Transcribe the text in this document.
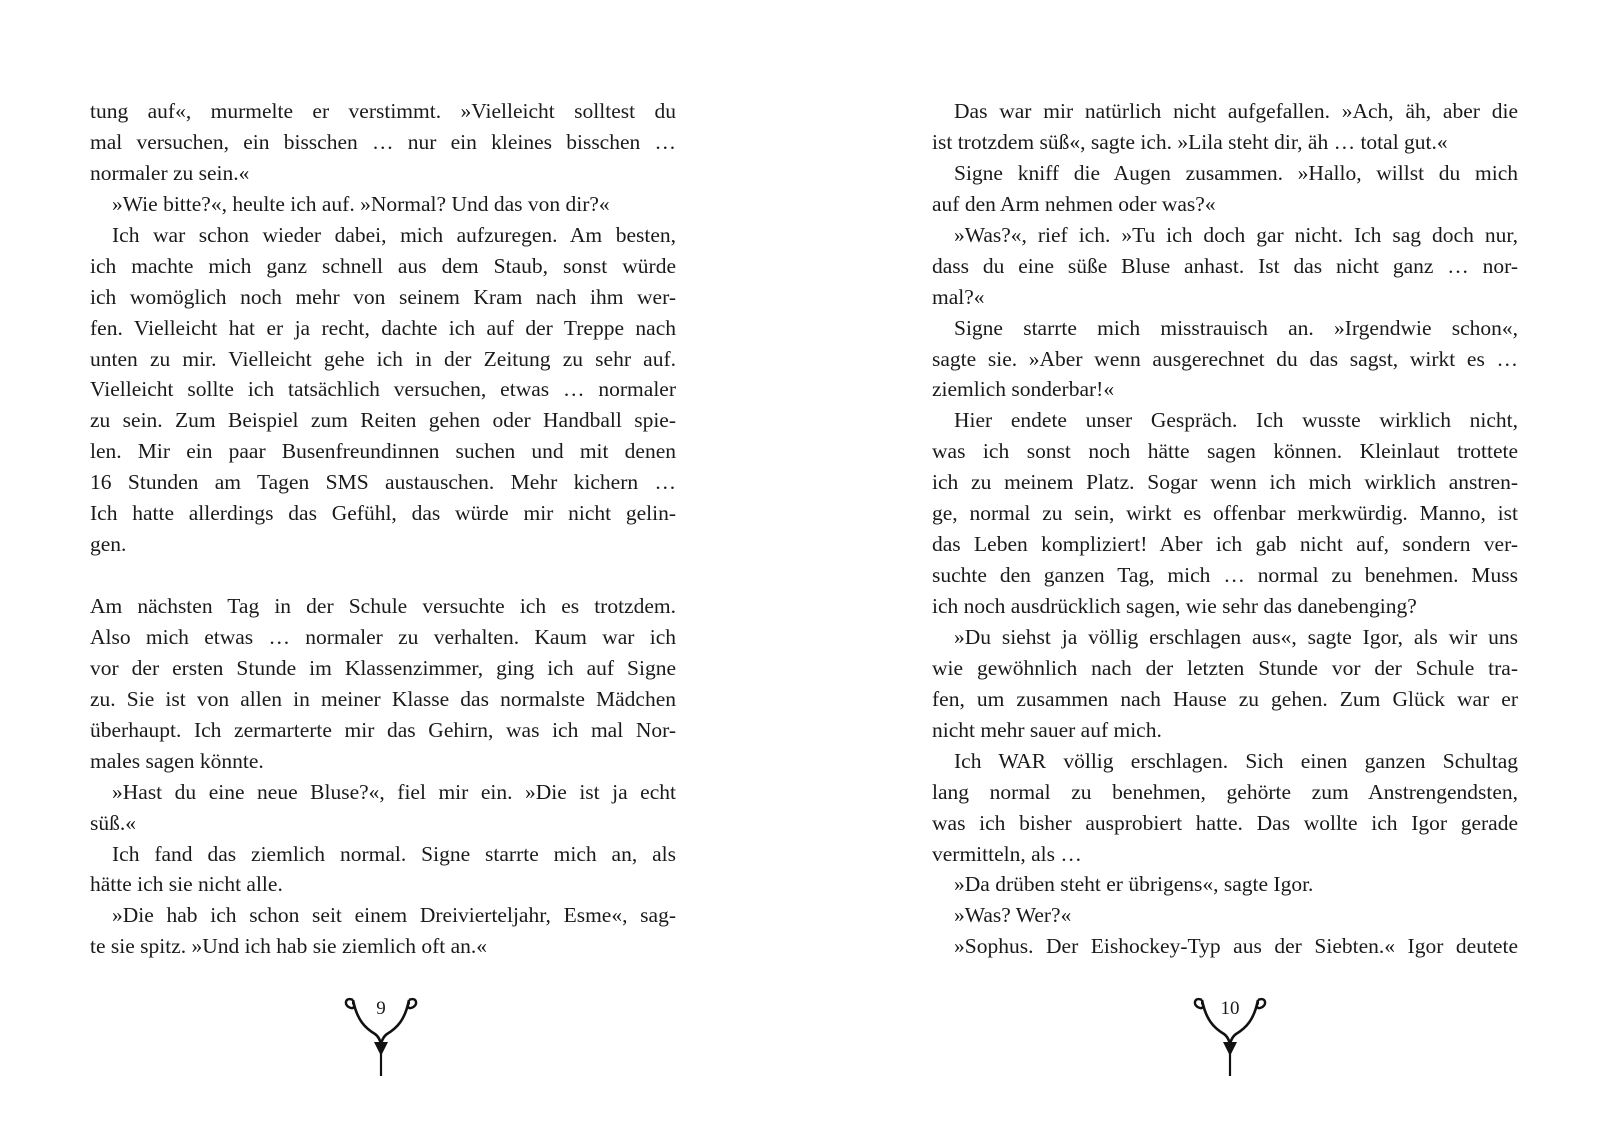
tung auf«, murmelte er verstimmt. »Vielleicht solltest du
mal versuchen, ein bisschen … nur ein kleines bisschen …
normaler zu sein.«
»Wie bitte?«, heulte ich auf. »Normal? Und das von dir?«
Ich war schon wieder dabei, mich aufzuregen. Am besten,
ich machte mich ganz schnell aus dem Staub, sonst würde
ich womöglich noch mehr von seinem Kram nach ihm wer-
fen. Vielleicht hat er ja recht, dachte ich auf der Treppe nach
unten zu mir. Vielleicht gehe ich in der Zeitung zu sehr auf.
Vielleicht sollte ich tatsächlich versuchen, etwas … normaler
zu sein. Zum Beispiel zum Reiten gehen oder Handball spie-
len. Mir ein paar Busenfreundinnen suchen und mit denen
16 Stunden am Tagen SMS austauschen. Mehr kichern …
Ich hatte allerdings das Gefühl, das würde mir nicht gelin-
gen.
Am nächsten Tag in der Schule versuchte ich es trotzdem.
Also mich etwas … normaler zu verhalten. Kaum war ich
vor der ersten Stunde im Klassenzimmer, ging ich auf Signe
zu. Sie ist von allen in meiner Klasse das normalste Mädchen
überhaupt. Ich zermarterte mir das Gehirn, was ich mal Nor-
males sagen könnte.
»Hast du eine neue Bluse?«, fiel mir ein. »Die ist ja echt
süß.«
Ich fand das ziemlich normal. Signe starrte mich an, als
hätte ich sie nicht alle.
»Die hab ich schon seit einem Dreivierteljahr, Esme«, sag-
te sie spitz. »Und ich hab sie ziemlich oft an.«
Das war mir natürlich nicht aufgefallen. »Ach, äh, aber die
ist trotzdem süß«, sagte ich. »Lila steht dir, äh … total gut.«
Signe kniff die Augen zusammen. »Hallo, willst du mich
auf den Arm nehmen oder was?«
»Was?«, rief ich. »Tu ich doch gar nicht. Ich sag doch nur,
dass du eine süße Bluse anhast. Ist das nicht ganz … nor-
mal?«
Signe starrte mich misstrauisch an. »Irgendwie schon«,
sagte sie. »Aber wenn ausgerechnet du das sagst, wirkt es …
ziemlich sonderbar!«
Hier endete unser Gespräch. Ich wusste wirklich nicht,
was ich sonst noch hätte sagen können. Kleinlaut trottete
ich zu meinem Platz. Sogar wenn ich mich wirklich anstren-
ge, normal zu sein, wirkt es offenbar merkwürdig. Manno, ist
das Leben kompliziert! Aber ich gab nicht auf, sondern ver-
suchte den ganzen Tag, mich … normal zu benehmen. Muss
ich noch ausdrücklich sagen, wie sehr das danebenging?
»Du siehst ja völlig erschlagen aus«, sagte Igor, als wir uns
wie gewöhnlich nach der letzten Stunde vor der Schule tra-
fen, um zusammen nach Hause zu gehen. Zum Glück war er
nicht mehr sauer auf mich.
Ich WAR völlig erschlagen. Sich einen ganzen Schultag
lang normal zu benehmen, gehörte zum Anstrengendsten,
was ich bisher ausprobiert hatte. Das wollte ich Igor gerade
vermitteln, als …
»Da drüben steht er übrigens«, sagte Igor.
»Was? Wer?«
»Sophus. Der Eishockey-Typ aus der Siebten.« Igor deutete
9	10
